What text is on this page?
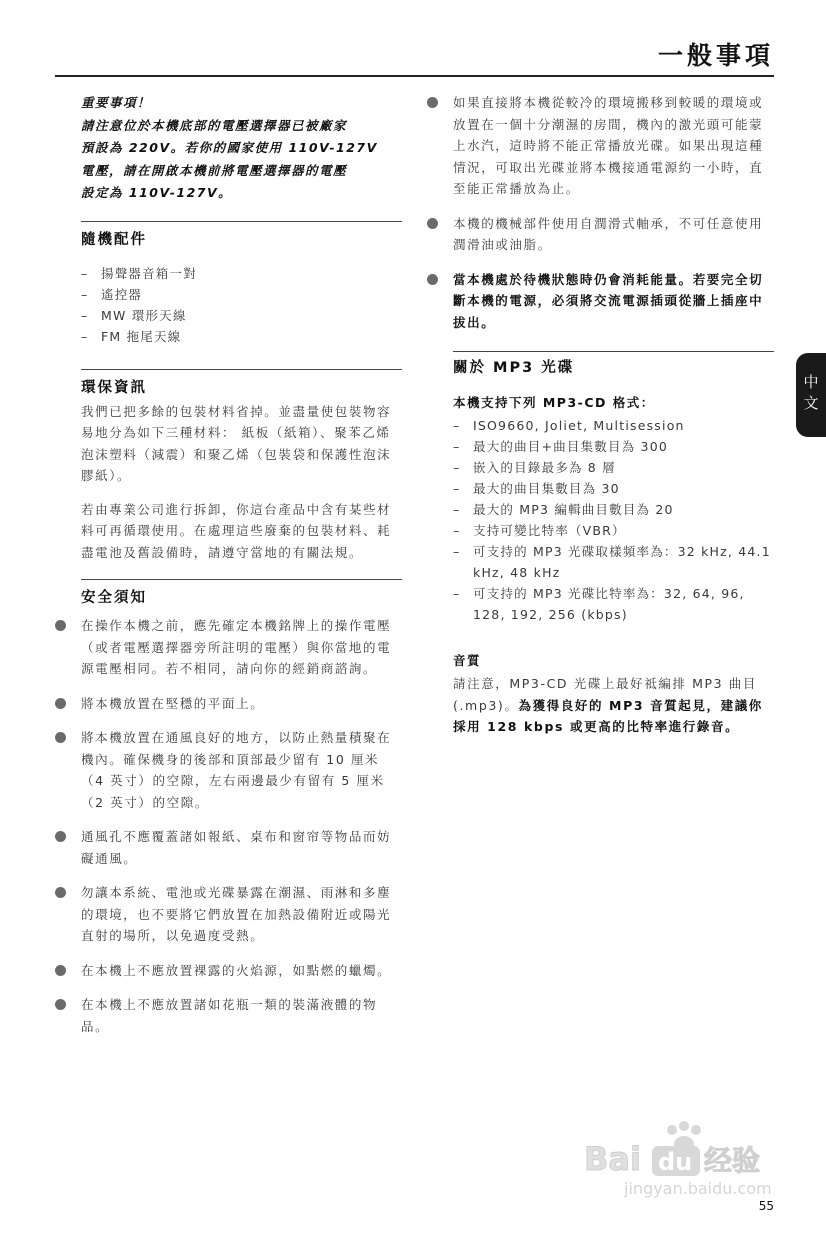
一般事項

重要事項！

請注意位於本機底部的電壓選擇器已被廠家

預設為 220V。若你的國家使用 110V-127V

電壓，請在開啟本機前將電壓選擇器的電壓

設定為 110V-127V。

隨機配件
– 揚聲器音箱一對
– 遙控器
– MW 環形天線
– FM 拖尾天線
環保資訊

我們已把多餘的包裝材料省掉。並盡量使包裝物容易地分為如下三種材料： 紙板（紙箱）、聚苯乙烯泡沫塑料（減震）和聚乙烯（包裝袋和保護性泡沫膠紙）。

若由專業公司進行拆卸，你這台產品中含有某些材料可再循環使用。在處理這些廢棄的包裝材料、耗盡電池及舊設備時，請遵守當地的有關法規。

安全須知
在操作本機之前，應先確定本機銘牌上的操作電壓（或者電壓選擇器旁所註明的電壓）與你當地的電源電壓相同。若不相同，請向你的經銷商諮詢。
將本機放置在堅穩的平面上。
將本機放置在通風良好的地方，以防止熱量積聚在機內。確保機身的後部和頂部最少留有 10 厘米（4 英寸）的空隙，左右兩邊最少有留有 5 厘米（2 英寸）的空隙。
通風孔不應覆蓋諸如報紙、桌布和窗帘等物品而妨礙通風。
勿讓本系統、電池或光碟暴露在潮濕、雨淋和多塵的環境，也不要將它們放置在加熱設備附近或陽光直射的場所，以免過度受熱。
在本機上不應放置裸露的火焰源，如點燃的蠟燭。
在本機上不應放置諸如花瓶一類的裝滿液體的物品。
如果直接將本機從較冷的環境搬移到較暖的環境或放置在一個十分潮濕的房間，機內的激光頭可能蒙上水汽，這時將不能正常播放光碟。如果出現這種情況，可取出光碟並將本機接通電源約一小時，直至能正常播放為止。
本機的機械部件使用自潤滑式軸承，不可任意使用潤滑油或油脂。
當本機處於待機狀態時仍會消耗能量。若要完全切斷本機的電源，必須將交流電源插頭從牆上插座中拔出。
關於 MP3 光碟
本機支持下列 MP3-CD 格式：
– ISO9660, Joliet, Multisession
– 最大的曲目+曲目集數目為 300
– 嵌入的目錄最多為 8 層
– 最大的曲目集數目為 30
– 最大的 MP3 編輯曲目數目為 20
– 支持可變比特率（VBR）
– 可支持的 MP3 光碟取樣頻率為：32 kHz, 44.1 kHz, 48 kHz
– 可支持的 MP3 光碟比特率為：32, 64, 96, 128, 192, 256 (kbps)
音質

請注意，MP3-CD 光碟上最好祗編排 MP3 曲目(.mp3)。為獲得良好的 MP3 音質起見，建議你採用 128 kbps 或更高的比特率進行錄音。

中文
Bai du 经验
jingyan.baidu.com
55
